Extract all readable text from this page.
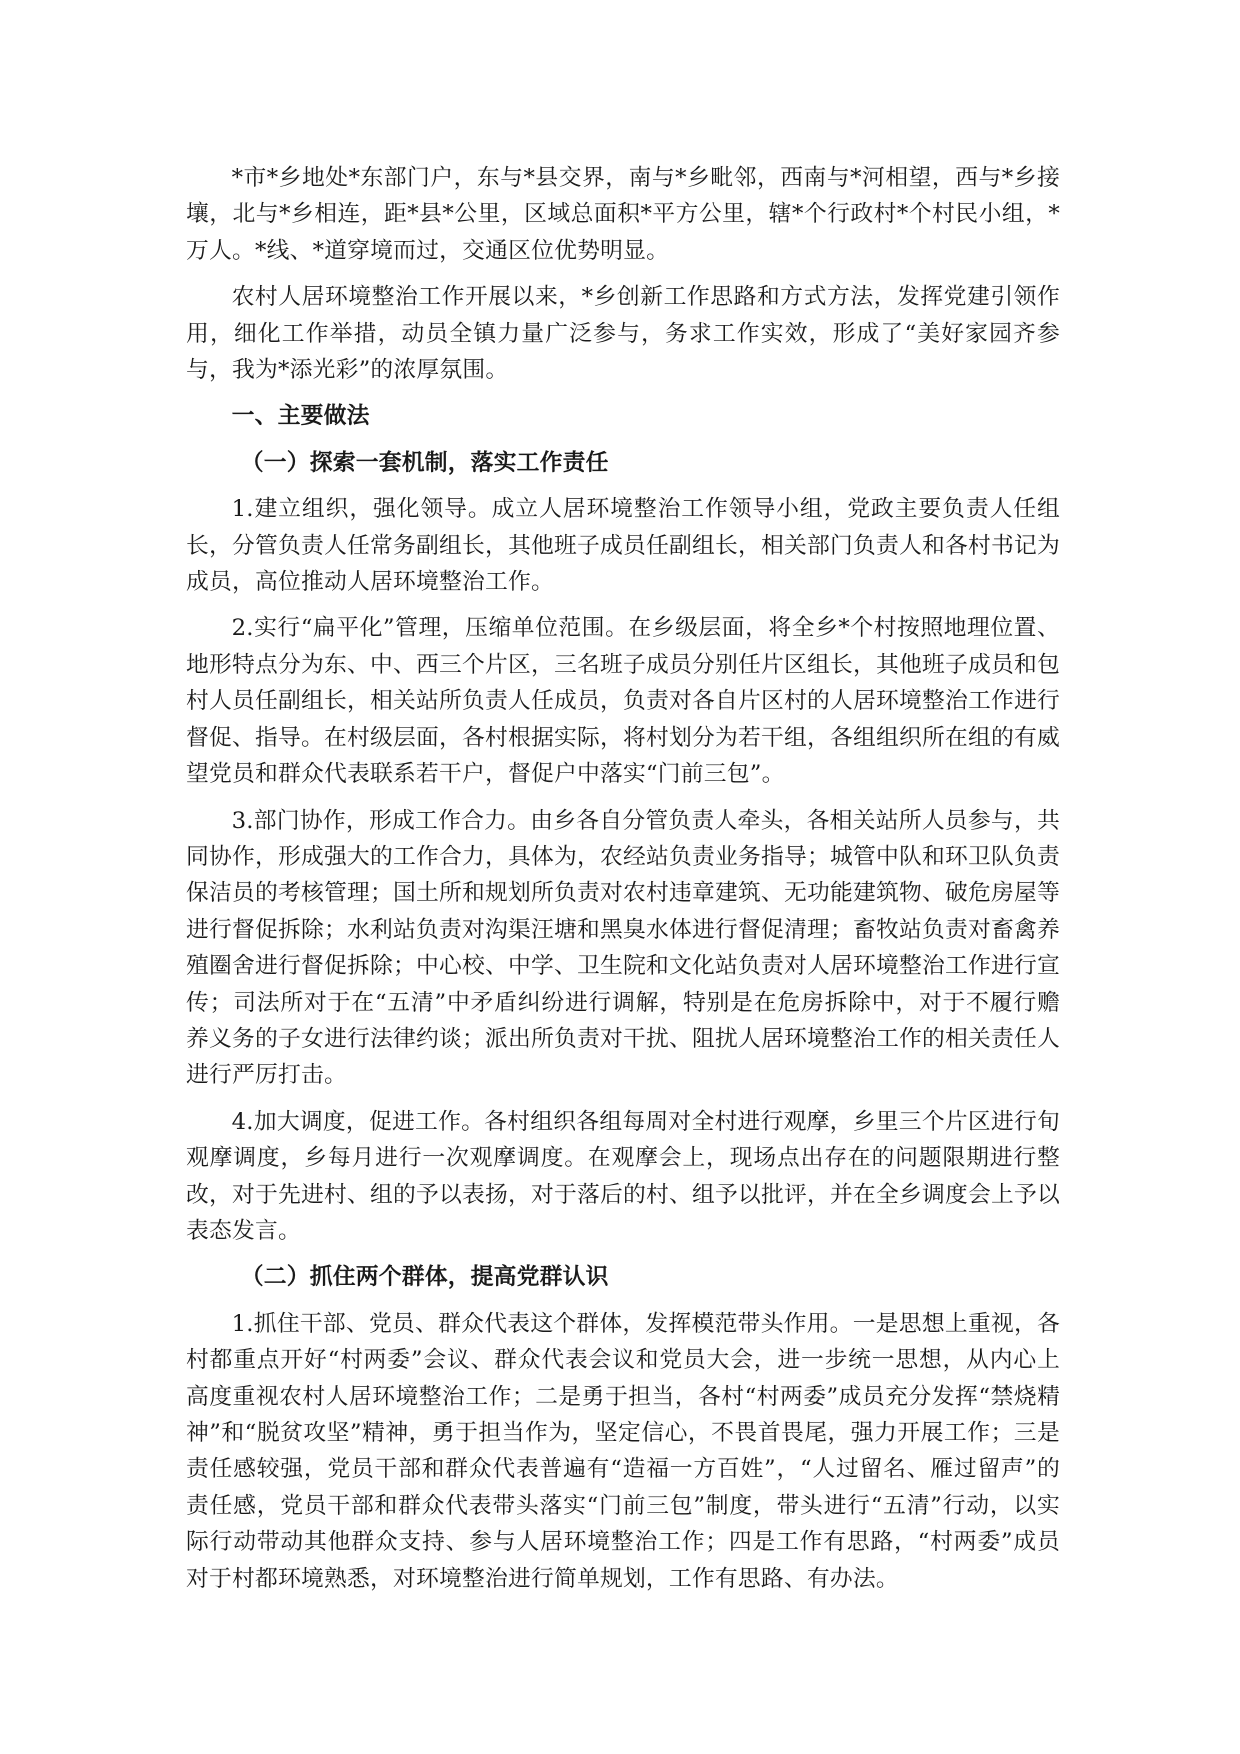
*市*乡地处*东部门户，东与*县交界，南与*乡毗邻，西南与*河相望，西与*乡接壤，北与*乡相连，距*县*公里，区域总面积*平方公里，辖*个行政村*个村民小组，*万人。*线、*道穿境而过，交通区位优势明显。

农村人居环境整治工作开展以来，*乡创新工作思路和方式方法，发挥党建引领作用，细化工作举措，动员全镇力量广泛参与，务求工作实效，形成了“美好家园齐参与，我为*添光彩”的浓厚氛围。

一、主要做法
（一）探索一套机制，落实工作责任

1.建立组织，强化领导。成立人居环境整治工作领导小组，党政主要负责人任组长，分管负责人任常务副组长，其他班子成员任副组长，相关部门负责人和各村书记为成员，高位推动人居环境整治工作。

2.实行“扁平化”管理，压缩单位范围。在乡级层面，将全乡*个村按照地理位置、地形特点分为东、中、西三个片区，三名班子成员分别任片区组长，其他班子成员和包村人员任副组长，相关站所负责人任成员，负责对各自片区村的人居环境整治工作进行督促、指导。在村级层面，各村根据实际，将村划分为若干组，各组组织所在组的有威望党员和群众代表联系若干户，督促户中落实“门前三包”。

3.部门协作，形成工作合力。由乡各自分管负责人牵头，各相关站所人员参与，共同协作，形成强大的工作合力，具体为，农经站负责业务指导；城管中队和环卫队负责保洁员的考核管理；国土所和规划所负责对农村违章建筑、无功能建筑物、破危房屋等进行督促拆除；水利站负责对沟渠汪塘和黑臭水体进行督促清理；畜牧站负责对畜禽养殖圈舍进行督促拆除；中心校、中学、卫生院和文化站负责对人居环境整治工作进行宣传；司法所对于在“五清”中矛盾纠纷进行调解，特别是在危房拆除中，对于不履行赡养义务的子女进行法律约谈；派出所负责对干扰、阻扰人居环境整治工作的相关责任人进行严厉打击。

4.加大调度，促进工作。各村组织各组每周对全村进行观摩，乡里三个片区进行旬观摩调度，乡每月进行一次观摩调度。在观摩会上，现场点出存在的问题限期进行整改，对于先进村、组的予以表扬，对于落后的村、组予以批评，并在全乡调度会上予以表态发言。

（二）抓住两个群体，提高党群认识

1.抓住干部、党员、群众代表这个群体，发挥模范带头作用。一是思想上重视，各村都重点开好“村两委”会议、群众代表会议和党员大会，进一步统一思想，从内心上高度重视农村人居环境整治工作；二是勇于担当，各村“村两委”成员充分发挥“禁烧精神”和“脱贫攻坚”精神，勇于担当作为，坚定信心，不畏首畏尾，强力开展工作；三是责任感较强，党员干部和群众代表普遍有“造福一方百姓”，“人过留名、雁过留声”的责任感，党员干部和群众代表带头落实“门前三包”制度，带头进行“五清”行动，以实际行动带动其他群众支持、参与人居环境整治工作；四是工作有思路，“村两委”成员对于村都环境熟悉，对环境整治进行简单规划，工作有思路、有办法。
